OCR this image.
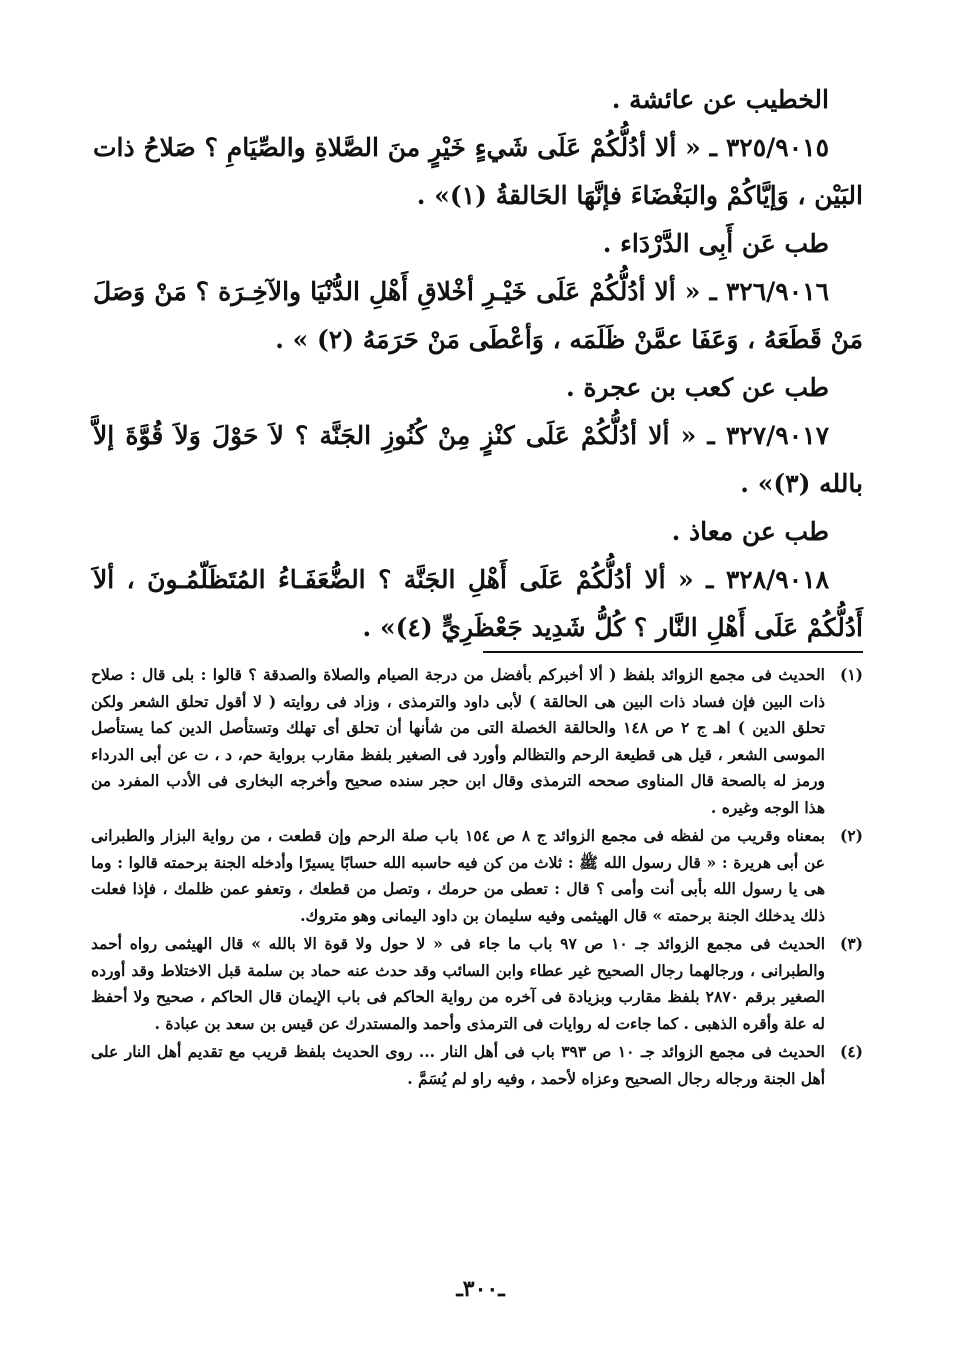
الخطيب عن عائشة .

٣٢٥/٩٠١٥ ـ « ألا أدُلُّكُمْ عَلَى شَيءٍ خَيْرٍ منَ الصَّلاةِ والصِّيَامِ ؟ صَلاحُ ذات البَيْن ، وَإيَّاكُمْ والبَغْضَاءَ فإنَّهَا الحَالقةُ (١)» .

طب عَن أَبِى الدَّرْدَاء .

٣٢٦/٩٠١٦ ـ « ألا أدُلُّكُمْ عَلَى خَيْـرِ أخْلاقِ أَهْلِ الدُّنْيَا والآخِـرَة ؟ مَنْ وَصَلَ مَنْ قَطَعَهُ ، وَعَفَا عمَّنْ ظَلَمَه ، وَأعْطَى مَنْ حَرَمَهُ (٢) » .

طب عن كعب بن عجرة .

٣٢٧/٩٠١٧ ـ « ألا أدُلُّكُمْ عَلَى كنْزٍ مِنْ كُنُوزِ الجَنَّة ؟ لاَ حَوْلَ وَلاَ قُوَّةَ إلاَّ بالله (٣)» .

طب عن معاذ .

٣٢٨/٩٠١٨ ـ « ألا أدُلُّكُمْ عَلَى أَهْلِ الجَنَّة ؟ الضُّعَفَـاءُ المُتَظَلّمُـونَ ، ألاَ أَدُلُّكُمْ عَلَى أَهْلِ النَّار ؟ كُلُّ شَدِيد جَعْظَرِيٍّ (٤)» .

(١)
الحديث فى مجمع الزوائد بلفظ ( ألا أخبركم بأفضل من درجة الصيام والصلاة والصدقة ؟ قالوا : بلى قال : صلاح ذات البين فإن فساد ذات البين هى الحالقة ) لأبى داود والترمذى ، وزاد فى روايته ( لا أقول تحلق الشعر ولكن تحلق الدين ) اهـ ج ٢ ص ١٤٨ والحالقة الخصلة التى من شأنها أن تحلق أى تهلك وتستأصل الدين كما يستأصل الموسى الشعر ، قيل هى قطيعة الرحم والتظالم وأورد فى الصغير بلفظ مقارب برواية حم، د ، ت عن أبى الدرداء ورمز له بالصحة قال المناوى صححه الترمذى وقال ابن حجر سنده صحيح وأخرجه البخارى فى الأدب المفرد من هذا الوجه وغيره .
(٢)
بمعناه وقريب من لفظه فى مجمع الزوائد ج ٨ ص ١٥٤ باب صلة الرحم وإن قطعت ، من رواية البزار والطبرانى عن أبى هريرة : « قال رسول الله ﷺ : ثلاث من كن فيه حاسبه الله حسابًا يسيرًا وأدخله الجنة برحمته قالوا : وما هى يا رسول الله بأبى أنت وأمى ؟ قال : تعطى من حرمك ، وتصل من قطعك ، وتعفو عمن ظلمك ، فإذا فعلت ذلك يدخلك الجنة برحمته » قال الهيثمى وفيه سليمان بن داود اليمانى وهو متروك.
(٣)
الحديث فى مجمع الزوائد جـ ١٠ ص ٩٧ باب ما جاء فى « لا حول ولا قوة الا بالله » قال الهيثمى رواه أحمد والطبرانى ، ورجالهما رجال الصحيح غير عطاء وابن السائب وقد حدث عنه حماد بن سلمة قبل الاختلاط وقد أورده الصغير برقم ٢٨٧٠ بلفظ مقارب وبزيادة فى آخره من رواية الحاكم فى باب الإيمان قال الحاكم ، صحيح ولا أحفظ له علة وأقره الذهبى . كما جاءت له روايات فى الترمذى وأحمد والمستدرك عن قيس بن سعد بن عبادة .
(٤)
الحديث فى مجمع الزوائد جـ ١٠ ص ٣٩٣ باب فى أهل النار ... روى الحديث بلفظ قريب مع تقديم أهل النار على أهل الجنة ورجاله رجال الصحيح وعزاه لأحمد ، وفيه راو لم يُسَمَّ .
ـ٣٠٠ـ
